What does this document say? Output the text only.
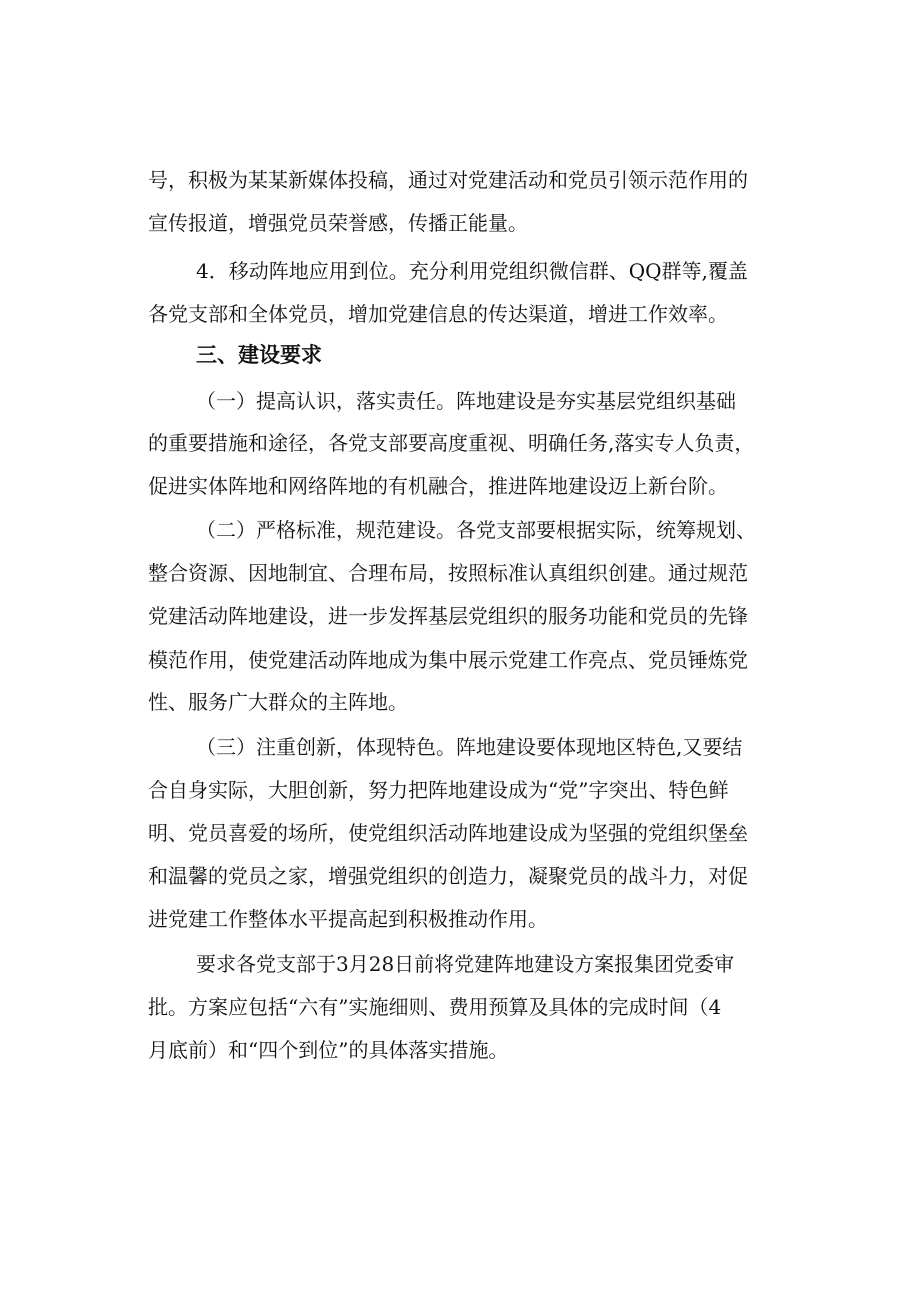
号，积极为某某新媒体投稿，通过对党建活动和党员引领示范作用的
宣传报道，增强党员荣誉感，传播正能量。
4．移动阵地应用到位。充分利用党组织微信群、QQ群等,覆盖
各党支部和全体党员，增加党建信息的传达渠道，增进工作效率。
三、建设要求
（一）提高认识，落实责任。阵地建设是夯实基层党组织基础
的重要措施和途径，各党支部要高度重视、明确任务,落实专人负责，
促进实体阵地和网络阵地的有机融合，推进阵地建设迈上新台阶。
（二）严格标准，规范建设。各党支部要根据实际，统筹规划、
整合资源、因地制宜、合理布局，按照标准认真组织创建。通过规范
党建活动阵地建设，进一步发挥基层党组织的服务功能和党员的先锋
模范作用，使党建活动阵地成为集中展示党建工作亮点、党员锤炼党
性、服务广大群众的主阵地。
（三）注重创新，体现特色。阵地建设要体现地区特色,又要结
合自身实际，大胆创新，努力把阵地建设成为“党”字突出、特色鲜
明、党员喜爱的场所，使党组织活动阵地建设成为坚强的党组织堡垒
和温馨的党员之家，增强党组织的创造力，凝聚党员的战斗力，对促
进党建工作整体水平提高起到积极推动作用。
要求各党支部于3月28日前将党建阵地建设方案报集团党委审
批。方案应包括“六有”实施细则、费用预算及具体的完成时间（4
月底前）和“四个到位”的具体落实措施。
